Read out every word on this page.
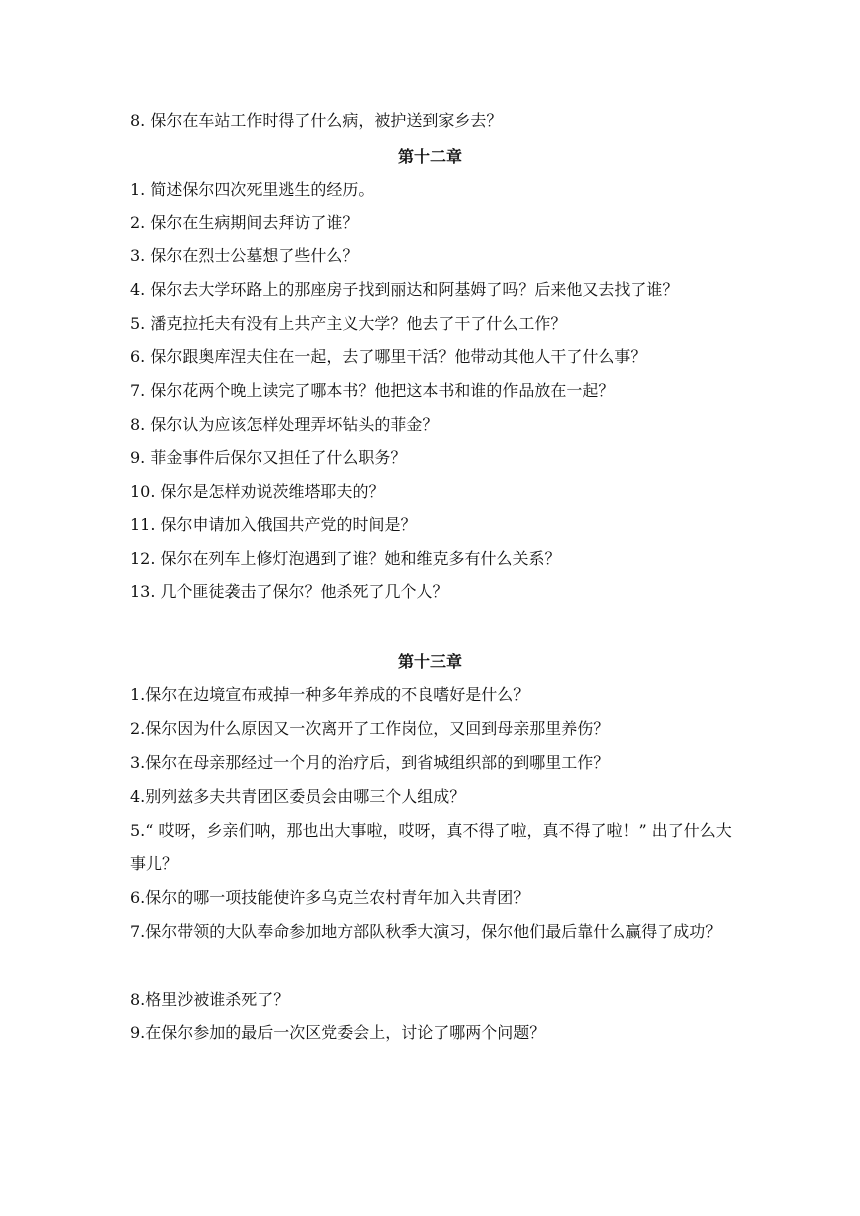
8. 保尔在车站工作时得了什么病，被护送到家乡去？
第十二章
1. 简述保尔四次死里逃生的经历。
2. 保尔在生病期间去拜访了谁？
3. 保尔在烈士公墓想了些什么？
4. 保尔去大学环路上的那座房子找到丽达和阿基姆了吗？后来他又去找了谁？
5. 潘克拉托夫有没有上共产主义大学？他去了干了什么工作？
6. 保尔跟奥库涅夫住在一起，去了哪里干活？他带动其他人干了什么事？
7. 保尔花两个晚上读完了哪本书？他把这本书和谁的作品放在一起？
8. 保尔认为应该怎样处理弄坏钻头的菲金？
9. 菲金事件后保尔又担任了什么职务？
10. 保尔是怎样劝说茨维塔耶夫的？
11. 保尔申请加入俄国共产党的时间是？
12. 保尔在列车上修灯泡遇到了谁？她和维克多有什么关系？
13. 几个匪徒袭击了保尔？他杀死了几个人？
第十三章
1.保尔在边境宣布戒掉一种多年养成的不良嗜好是什么？
2.保尔因为什么原因又一次离开了工作岗位，又回到母亲那里养伤？
3.保尔在母亲那经过一个月的治疗后，到省城组织部的到哪里工作？
4.别列兹多夫共青团区委员会由哪三个人组成？
5.“ 哎呀，乡亲们呐，那也出大事啦，哎呀，真不得了啦，真不得了啦！” 出了什么大事儿？
6.保尔的哪一项技能使许多乌克兰农村青年加入共青团？
7.保尔带领的大队奉命参加地方部队秋季大演习，保尔他们最后靠什么赢得了成功？
8.格里沙被谁杀死了？
9.在保尔参加的最后一次区党委会上，讨论了哪两个问题？
